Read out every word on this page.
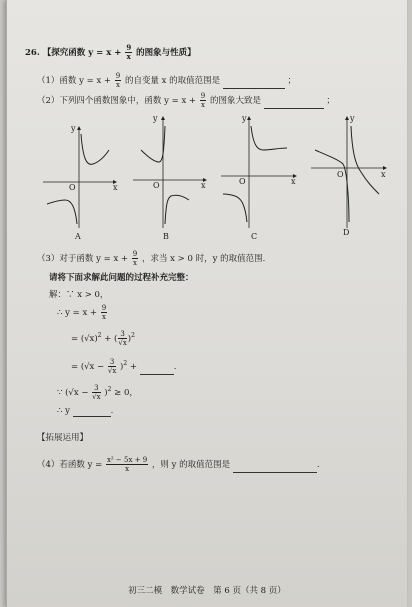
26. 【探究函数 $y = x + \frac{9}{x}$ 的图象与性质】
（1）函数 $y = x + \frac{9}{x}$ 的自变量 x 的取值范围是	；
（2）下列四个函数图象中，函数 $y = x + \frac{9}{x}$ 的图象大致是	；
y
O	x
A
y
O	x
B
y
O	x
C
y
O	x
D
（3）对于函数 $y = x + \frac{9}{x}$ ，求当 x > 0 时，y 的取值范围.
请将下面求解此问题的过程补充完整：
解：∵ x > 0，
∴ $y = x + \frac{9}{x}$
= $(√x)^2$ + ( $\frac{3}{√x} )^2$
= $(√x - \frac{3}{√x} )^2$ +	.
∵ $(√x - \frac{3}{√x} )^2 \ge 0$，
∴ y	.
【拓展运用】
（4）若函数 $y = \frac{\text{x² − 5x + 9}}{x}$ ，则 y 的取值范围是	.
初三二模　数学试卷　第 6 页（共 8 页）
